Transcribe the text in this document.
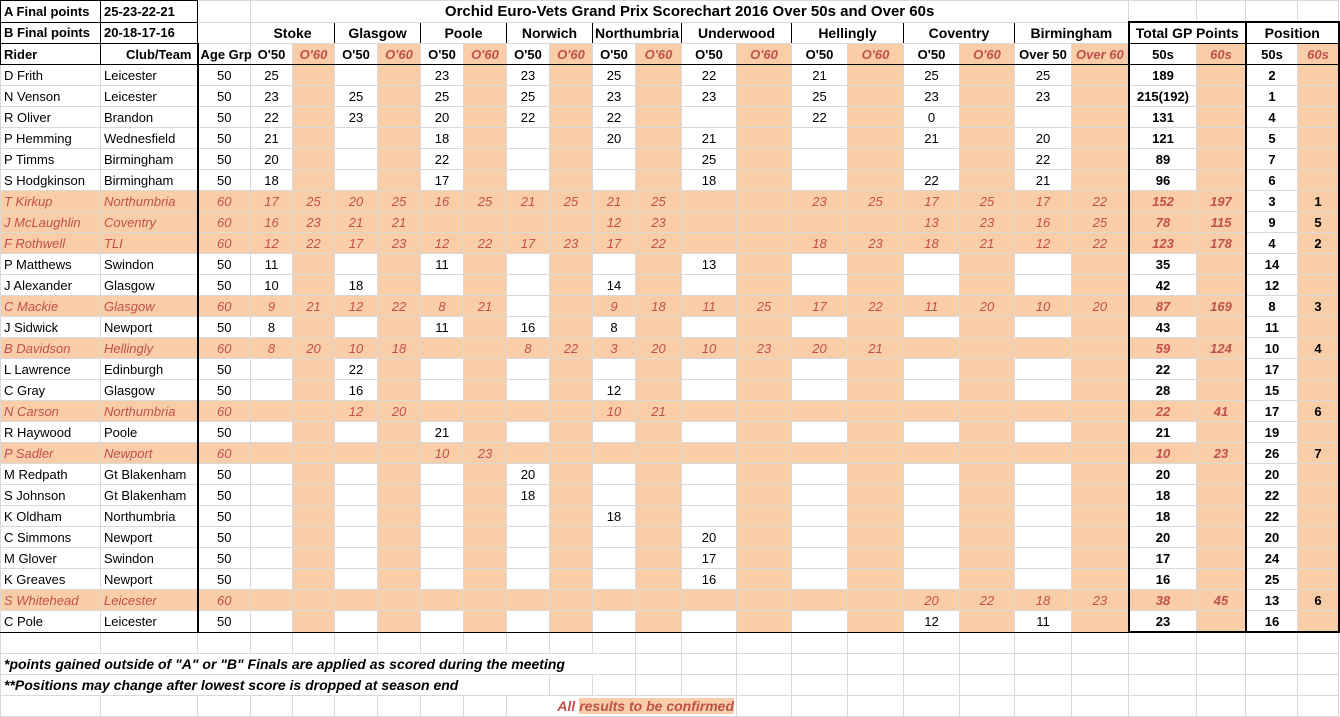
A Final points	25-23-22-21		Orchid Euro-Vets Grand Prix Scorechart 2016 Over 50s and Over 60s																					
B Final points	20-18-17-16		Stoke		Glasgow		Poole		Norwich		Northumbria		Underwood		Hellingly		Coventry		Birmingham		Total GP Points		Position	
Rider	Club/Team	Age Grp	O'50	O'60	O'50	O'60	O'50	O'60	O'50	O'60	O'50	O'60	O'50	O'60	O'50	O'60	O'50	O'60	Over 50	Over 60	50s	60s	50s	60s
D Frith	Leicester	50	25				23		23		25		22		21		25		25		189		2	
N Venson	Leicester	50	23		25		25		25		23		23		25		23		23		215(192)		1	
R Oliver	Brandon	50	22		23		20		22		22				22		0				131		4	
P Hemming	Wednesfield	50	21				18				20		21				21		20		121		5	
P Timms	Birmingham	50	20				22						25						22		89		7	
S Hodgkinson	Birmingham	50	18				17						18				22		21		96		6	
T Kirkup	Northumbria	60	17	25	20	25	16	25	21	25	21	25			23	25	17	25	17	22	152	197	3	1
J McLaughlin	Coventry	60	16	23	21	21					12	23					13	23	16	25	78	115	9	5
F Rothwell	TLI	60	12	22	17	23	12	22	17	23	17	22			18	23	18	21	12	22	123	178	4	2
P Matthews	Swindon	50	11				11						13								35		14	
J Alexander	Glasgow	50	10		18						14										42		12	
C Mackie	Glasgow	60	9	21	12	22	8	21			9	18	11	25	17	22	11	20	10	20	87	169	8	3
J Sidwick	Newport	50	8				11		16		8										43		11	
B Davidson	Hellingly	60	8	20	10	18			8	22	3	20	10	23	20	21					59	124	10	4
L Lawrence	Edinburgh	50			22																22		17	
C Gray	Glasgow	50			16						12										28		15	
N Carson	Northumbria	60			12	20					10	21									22	41	17	6
R Haywood	Poole	50					21														21		19	
P Sadler	Newport	60					10	23													10	23	26	7
M Redpath	Gt Blakenham	50							20												20		20	
S Johnson	Gt Blakenham	50							18												18		22	
K Oldham	Northumbria	50									18										18		22	
C Simmons	Newport	50											20								20		20	
M Glover	Swindon	50											17								17		24	
K Greaves	Newport	50											16								16		25	
S Whitehead	Leicester	60															20	22	18	23	38	45	13	6
C Pole	Leicester	50															12		11		23		16	

*points gained outside of "A" or "B" Finals are applied as scored during the meeting																								
**Positions may change after lowest score is dropped at season end																								
									All results to be confirmed															
